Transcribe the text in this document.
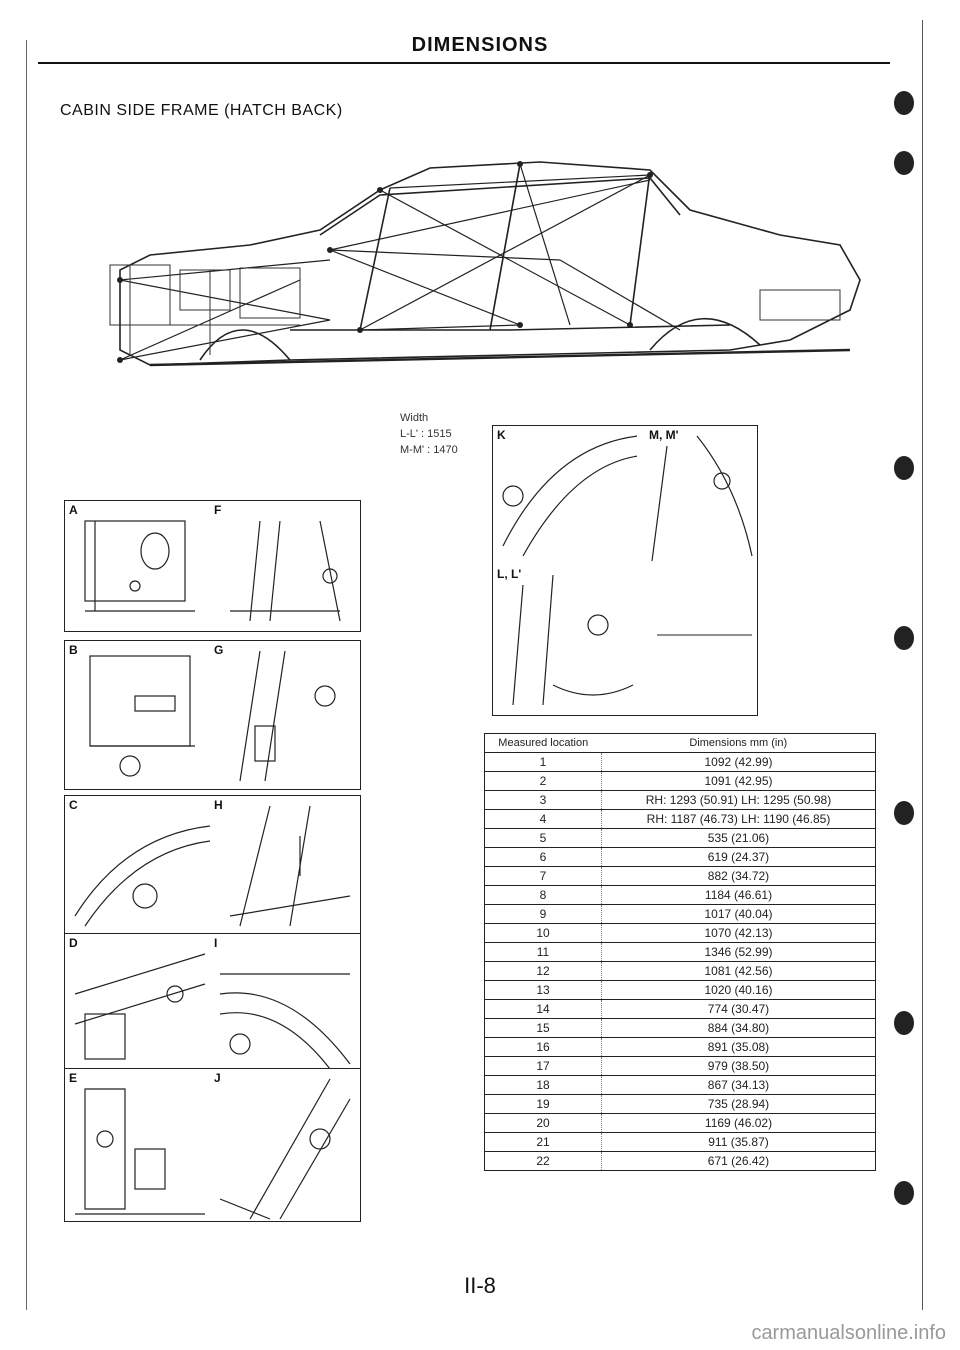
DIMENSIONS
CABIN SIDE FRAME (HATCH BACK)
Width
L-L' : 1515
M-M' : 1470
A
B
C
D
E
F
G
H
I
J
K	M, M'
L, L'
Measured location	Dimensions mm (in)
1	1092 (42.99)
2	1091 (42.95)
3	RH: 1293 (50.91) LH: 1295 (50.98)
4	RH: 1187 (46.73) LH: 1190 (46.85)
5	535 (21.06)
6	619 (24.37)
7	882 (34.72)
8	1184 (46.61)
9	1017 (40.04)
10	1070 (42.13)
11	1346 (52.99)
12	1081 (42.56)
13	1020 (40.16)
14	774 (30.47)
15	884 (34.80)
16	891 (35.08)
17	979 (38.50)
18	867 (34.13)
19	735 (28.94)
20	1169 (46.02)
21	911 (35.87)
22	671 (26.42)
II-8
carmanualsonline.info
